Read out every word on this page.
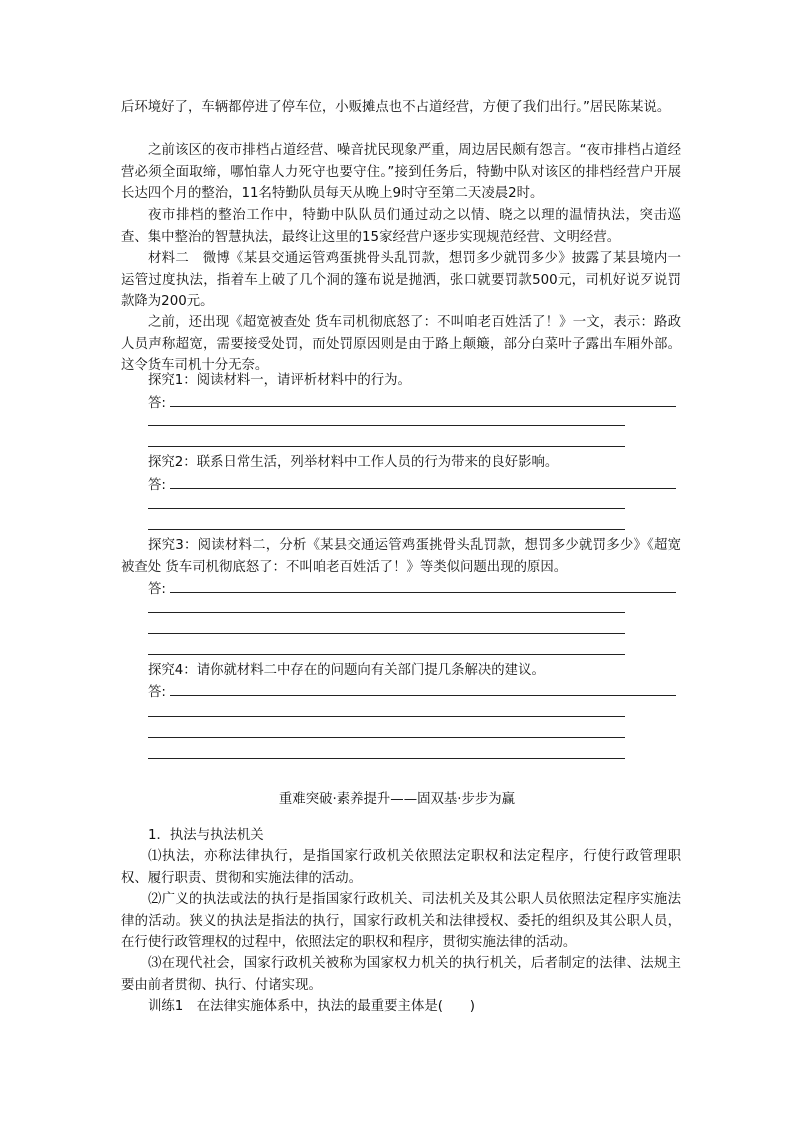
后环境好了，车辆都停进了停车位，小贩摊点也不占道经营，方便了我们出行。”居民陈某说。

之前该区的夜市排档占道经营、噪音扰民现象严重，周边居民颇有怨言。“夜市排档占道经营必须全面取缔，哪怕靠人力死守也要守住。”接到任务后，特勤中队对该区的排档经营户开展长达四个月的整治，11名特勤队员每天从晚上9时守至第二天凌晨2时。

夜市排档的整治工作中，特勤中队队员们通过动之以情、晓之以理的温情执法，突击巡查、集中整治的智慧执法，最终让这里的15家经营户逐步实现规范经营、文明经营。

材料二　微博《某县交通运管鸡蛋挑骨头乱罚款，想罚多少就罚多少》披露了某县境内一运管过度执法，指着车上破了几个洞的篷布说是抛洒，张口就要罚款500元，司机好说歹说罚款降为200元。

之前，还出现《超宽被查处 货车司机彻底怒了：不叫咱老百姓活了！》一文，表示：路政人员声称超宽，需要接受处罚，而处罚原因则是由于路上颠簸，部分白菜叶子露出车厢外部。这令货车司机十分无奈。

探究1：阅读材料一，请评析材料中的行为。

答:

探究2：联系日常生活，列举材料中工作人员的行为带来的良好影响。

答:

探究3：阅读材料二，分析《某县交通运管鸡蛋挑骨头乱罚款，想罚多少就罚多少》《超宽被查处 货车司机彻底怒了：不叫咱老百姓活了！》等类似问题出现的原因。

答:

探究4：请你就材料二中存在的问题向有关部门提几条解决的建议。

答:
重难突破·素养提升——固双基·步步为赢

1．执法与执法机关

⑴执法，亦称法律执行，是指国家行政机关依照法定职权和法定程序，行使行政管理职权、履行职责、贯彻和实施法律的活动。

⑵广义的执法或法的执行是指国家行政机关、司法机关及其公职人员依照法定程序实施法律的活动。狭义的执法是指法的执行，国家行政机关和法律授权、委托的组织及其公职人员，在行使行政管理权的过程中，依照法定的职权和程序，贯彻实施法律的活动。

⑶在现代社会，国家行政机关被称为国家权力机关的执行机关，后者制定的法律、法规主要由前者贯彻、执行、付诸实现。

训练1　在法律实施体系中，执法的最重要主体是(　　)
